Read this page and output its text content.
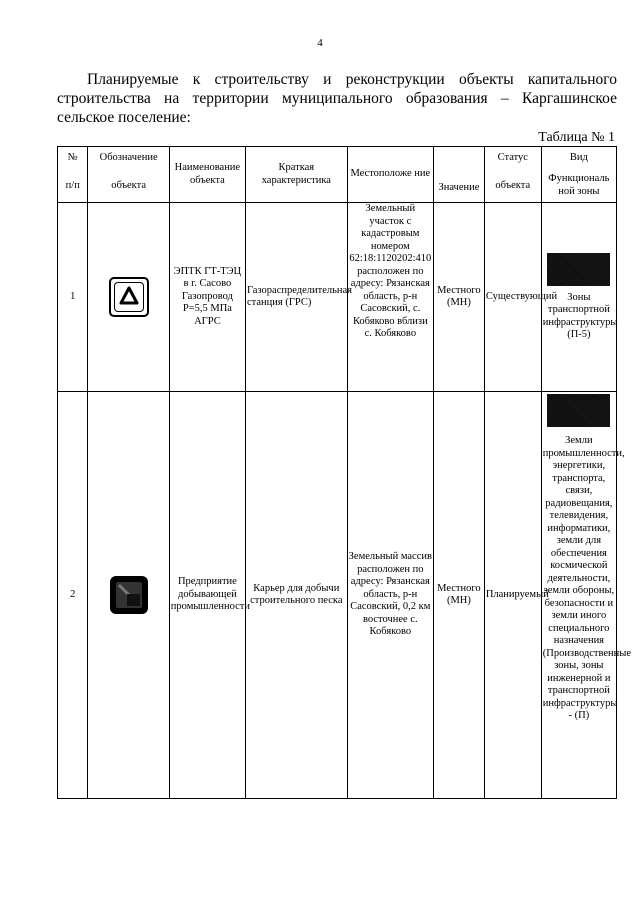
4
Планируемые к строительству и реконструкции объекты капитального строительства на территории муниципального образования – Каргашинское сельское поселение:
Таблица № 1
№	Обозначение	Наименование объекта	Краткая характеристика	Местоположе ние	Значение	Статус	Вид
п/п	объекта					объекта	Функциональ ной зоны
1		ЭПТК ГТ-ТЭЦ в г. Сасово Газопровод Р=5,5 МПа АГРС	Газораспределительная станция (ГРС)	Земельный участок с кадастровым номером 62:18:1120202:410 расположен по адресу: Рязанская область, р-н Сасовский, с. Кобяково вблизи с. Кобяково	Местного (МН)	Существующий	Зоны транспортной инфраструктуры (П-5)

2		Предприятие добывающей промышленности	Карьер для добычи строительного песка	Земельный массив расположен по адресу: Рязанская область, р-н Сасовский, 0,2 км восточнее с. Кобяково	Местного (МН)	Планируемый	Земли промышленности, энергетики, транспорта, связи, радиовещания, телевидения, информатики, земли для обеспечения космической деятельности, земли обороны, безопасности и земли иного специального назначения (Производственные зоны, зоны инженерной и транспортной инфраструктуры - (П)
